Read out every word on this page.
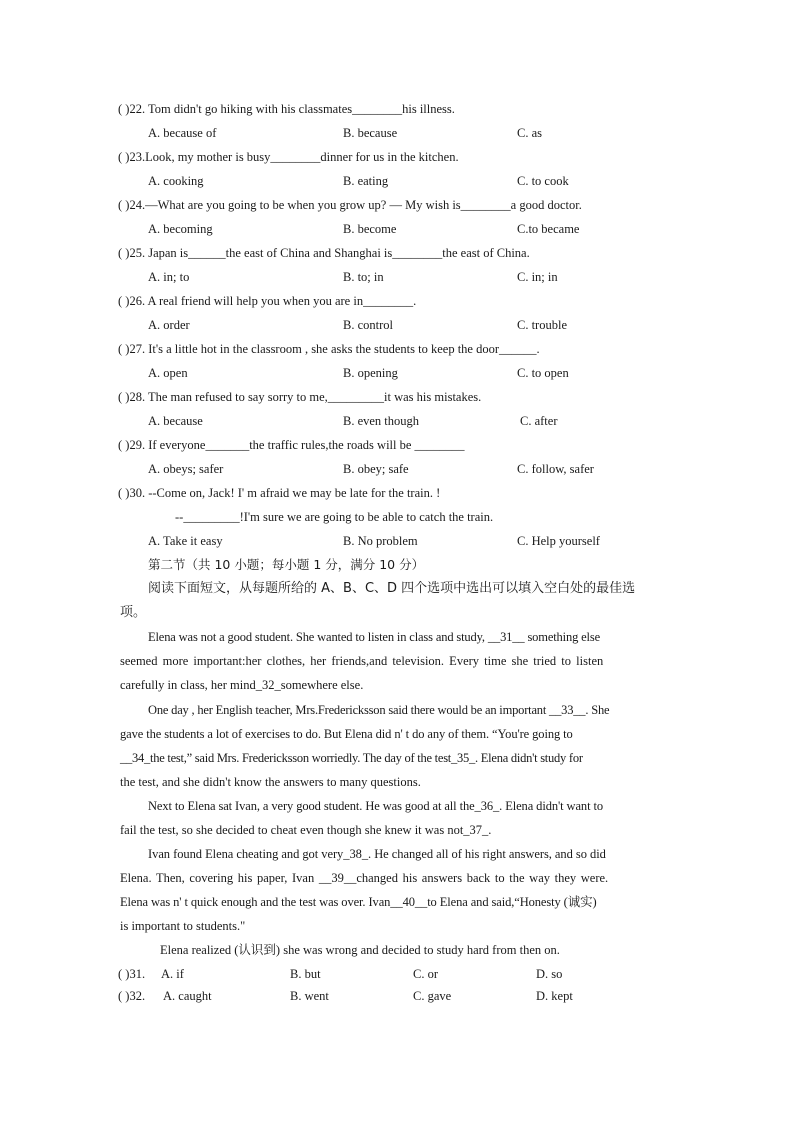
( )22. Tom didn't go hiking with his classmates________his illness.
A. because of	B. because	C. as
( )23.Look, my mother is busy________dinner for us in the kitchen.
A. cooking	B. eating	C. to cook
( )24.—What are you going to be when you grow up? — My wish is________a good doctor.
A. becoming	B. become	C.to became
( )25. Japan is______the east of China and Shanghai is________the east of China.
A. in; to	B. to; in	C. in; in
( )26. A real friend will help you when you are in________.
A. order	B. control	C. trouble
( )27. It's a little hot in the classroom , she asks the students to keep the door______.
A. open	B. opening	C. to open
( )28. The man refused to say sorry to me,_________it was his mistakes.
A. because	B. even though	C. after
( )29. If everyone_______the traffic rules,the roads will be ________
A. obeys; safer	B. obey; safe	C. follow, safer
( )30. --Come on, Jack! I' m afraid we may be late for the train. !
--_________!I'm sure we are going to be able to catch the train.
A. Take it easy	B. No problem	C. Help yourself
第二节（共 10 小题；每小题 1 分，满分 10 分）
阅读下面短文，从每题所给的 A、B、C、D 四个选项中选出可以填入空白处的最佳选
项。
Elena was not a good student. She wanted to listen in class and study, __31__ something else
seemed more important:her clothes, her friends,and television. Every time she tried to listen
carefully in class, her mind_32_somewhere else.
One day , her English teacher, Mrs.Fredericksson said there would be an important __33__. She
gave the students a lot of exercises to do. But Elena did n' t do any of them. “You're going to
__34_the test,” said Mrs. Fredericksson worriedly. The day of the test_35_. Elena didn't study for
the test, and she didn't know the answers to many questions.
Next to Elena sat Ivan, a very good student. He was good at all the_36_. Elena didn't want to
fail the test, so she decided to cheat even though she knew it was not_37_.
Ivan found Elena cheating and got very_38_. He changed all of his right answers, and so did
Elena. Then, covering his paper, Ivan __39__changed his answers back to the way they were.
Elena was n' t quick enough and the test was over. Ivan__40__to Elena and said,“Honesty (诚实)
is important to students."
Elena realized (认识到) she was wrong and decided to study hard from then on.
( )31. A. if	B. but	C. or	D. so
( )32. A. caught	B. went	C. gave	D. kept
